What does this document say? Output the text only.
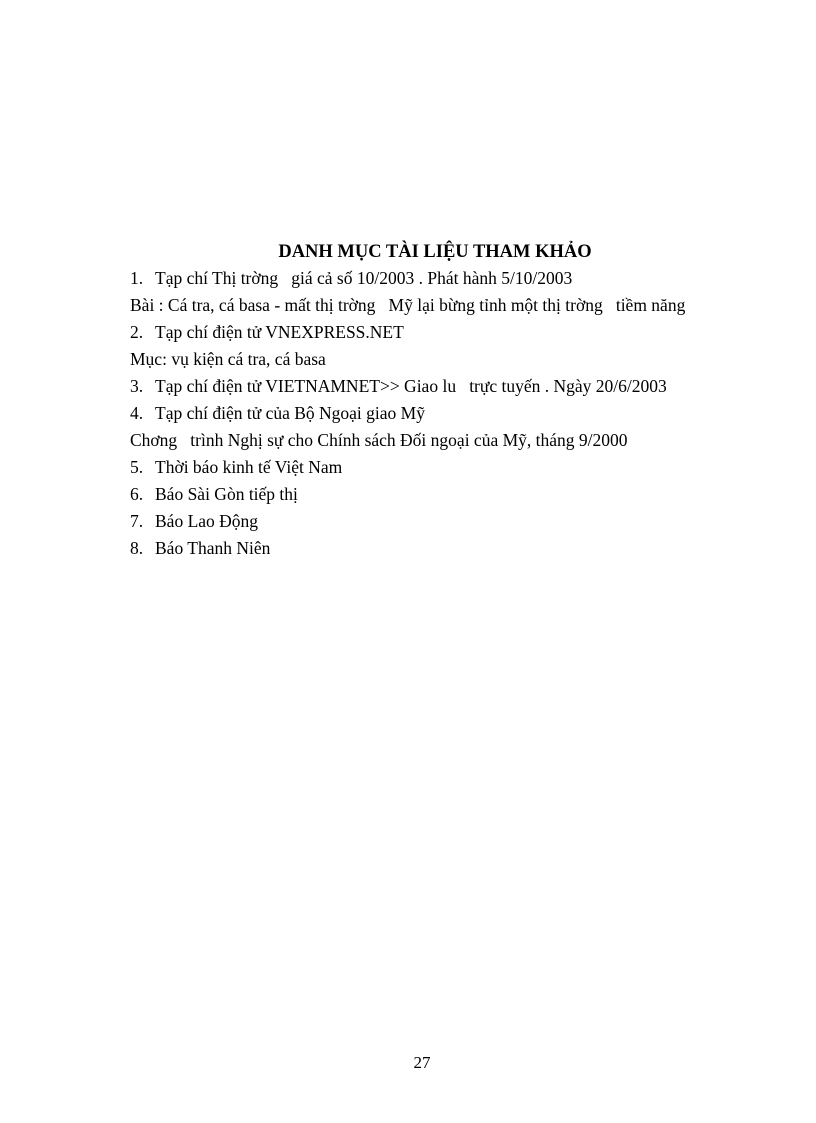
DANH MỤC TÀI LIỆU THAM KHẢO
1. Tạp chí Thị trờng   giá cả số 10/2003 . Phát hành 5/10/2003
Bài : Cá tra, cá basa - mất thị trờng   Mỹ lại bừng tỉnh một thị trờng   tiềm năng
2. Tạp chí điện tử VNEXPRESS.NET
Mục: vụ kiện cá tra, cá basa
3. Tạp chí điện tử VIETNAMNET>> Giao lu   trực tuyến . Ngày 20/6/2003
4. Tạp chí điện tử của Bộ Ngoại giao Mỹ
Chơng   trình Nghị sự cho Chính sách Đối ngoại của Mỹ, tháng 9/2000
5. Thời báo kinh tế Việt Nam
6. Báo Sài Gòn tiếp thị
7. Báo Lao Động
8. Báo Thanh Niên
27
